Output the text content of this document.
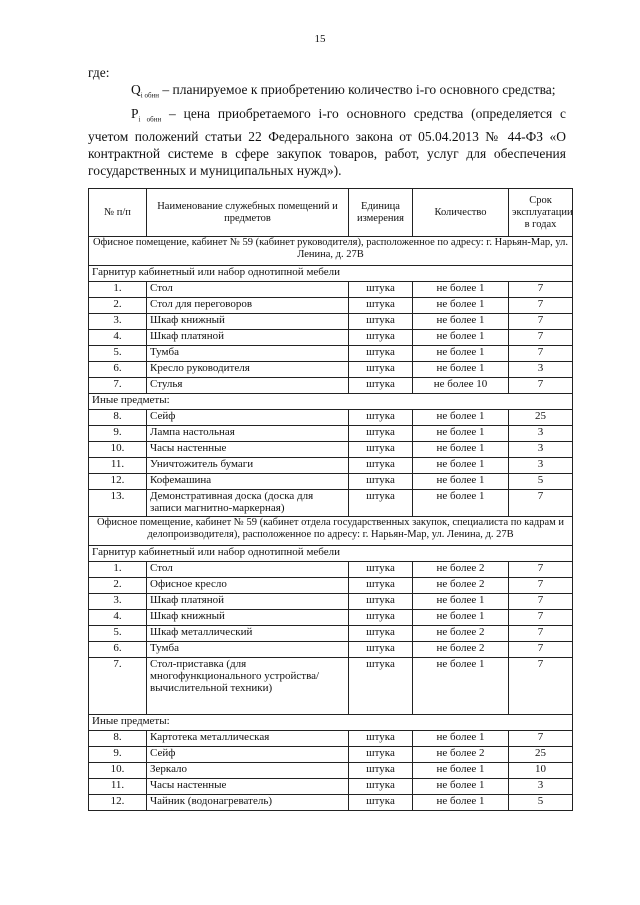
15

где:

$Q_{i обнн}$ – планируемое к приобретению количество i-го основного средства;

$P_{i обнн}$ – цена приобретаемого i-го основного средства (определяется с учетом положений статьи 22 Федерального закона от 05.04.2013 № 44-ФЗ «О контрактной системе в сфере закупок товаров, работ, услуг для обеспечения государственных и муниципальных нужд»).

№ п/п	Наименование служебных помещений и предметов	Единица измерения	Количество	Срок эксплуатации в годах
Офисное помещение, кабинет № 59 (кабинет руководителя), расположенное по адресу: г. Нарьян-Мар, ул. Ленина, д. 27В				
Гарнитур кабинетный или набор однотипной мебели				
1.	Стол	штука	не более 1	7
2.	Стол для переговоров	штука	не более 1	7
3.	Шкаф книжный	штука	не более 1	7
4.	Шкаф платяной	штука	не более 1	7
5.	Тумба	штука	не более 1	7
6.	Кресло руководителя	штука	не более 1	3
7.	Стулья	штука	не более 10	7
Иные предметы:				
8.	Сейф	штука	не более 1	25
9.	Лампа настольная	штука	не более 1	3
10.	Часы настенные	штука	не более 1	3
11.	Уничтожитель бумаги	штука	не более 1	3
12.	Кофемашина	штука	не более 1	5
13.	Демонстративная доска (доска для записи магнитно-маркерная)	штука	не более 1	7
Офисное помещение, кабинет № 59 (кабинет отдела государственных закупок, специалиста по кадрам и делопроизводителя), расположенное по адресу: г. Нарьян-Мар, ул. Ленина, д. 27В				
Гарнитур кабинетный или набор однотипной мебели				
1.	Стол	штука	не более 2	7
2.	Офисное кресло	штука	не более 2	7
3.	Шкаф платяной	штука	не более 1	7
4.	Шкаф книжный	штука	не более 1	7
5.	Шкаф металлический	штука	не более 2	7
6.	Тумба	штука	не более 2	7
7.	Стол-приставка (для многофункционального устройства/вычислительной техники)	штука	не более 1	7
Иные предметы:				
8.	Картотека металлическая	штука	не более 1	7
9.	Сейф	штука	не более 2	25
10.	Зеркало	штука	не более 1	10
11.	Часы настенные	штука	не более 1	3
12.	Чайник (водонагреватель)	штука	не более 1	5
